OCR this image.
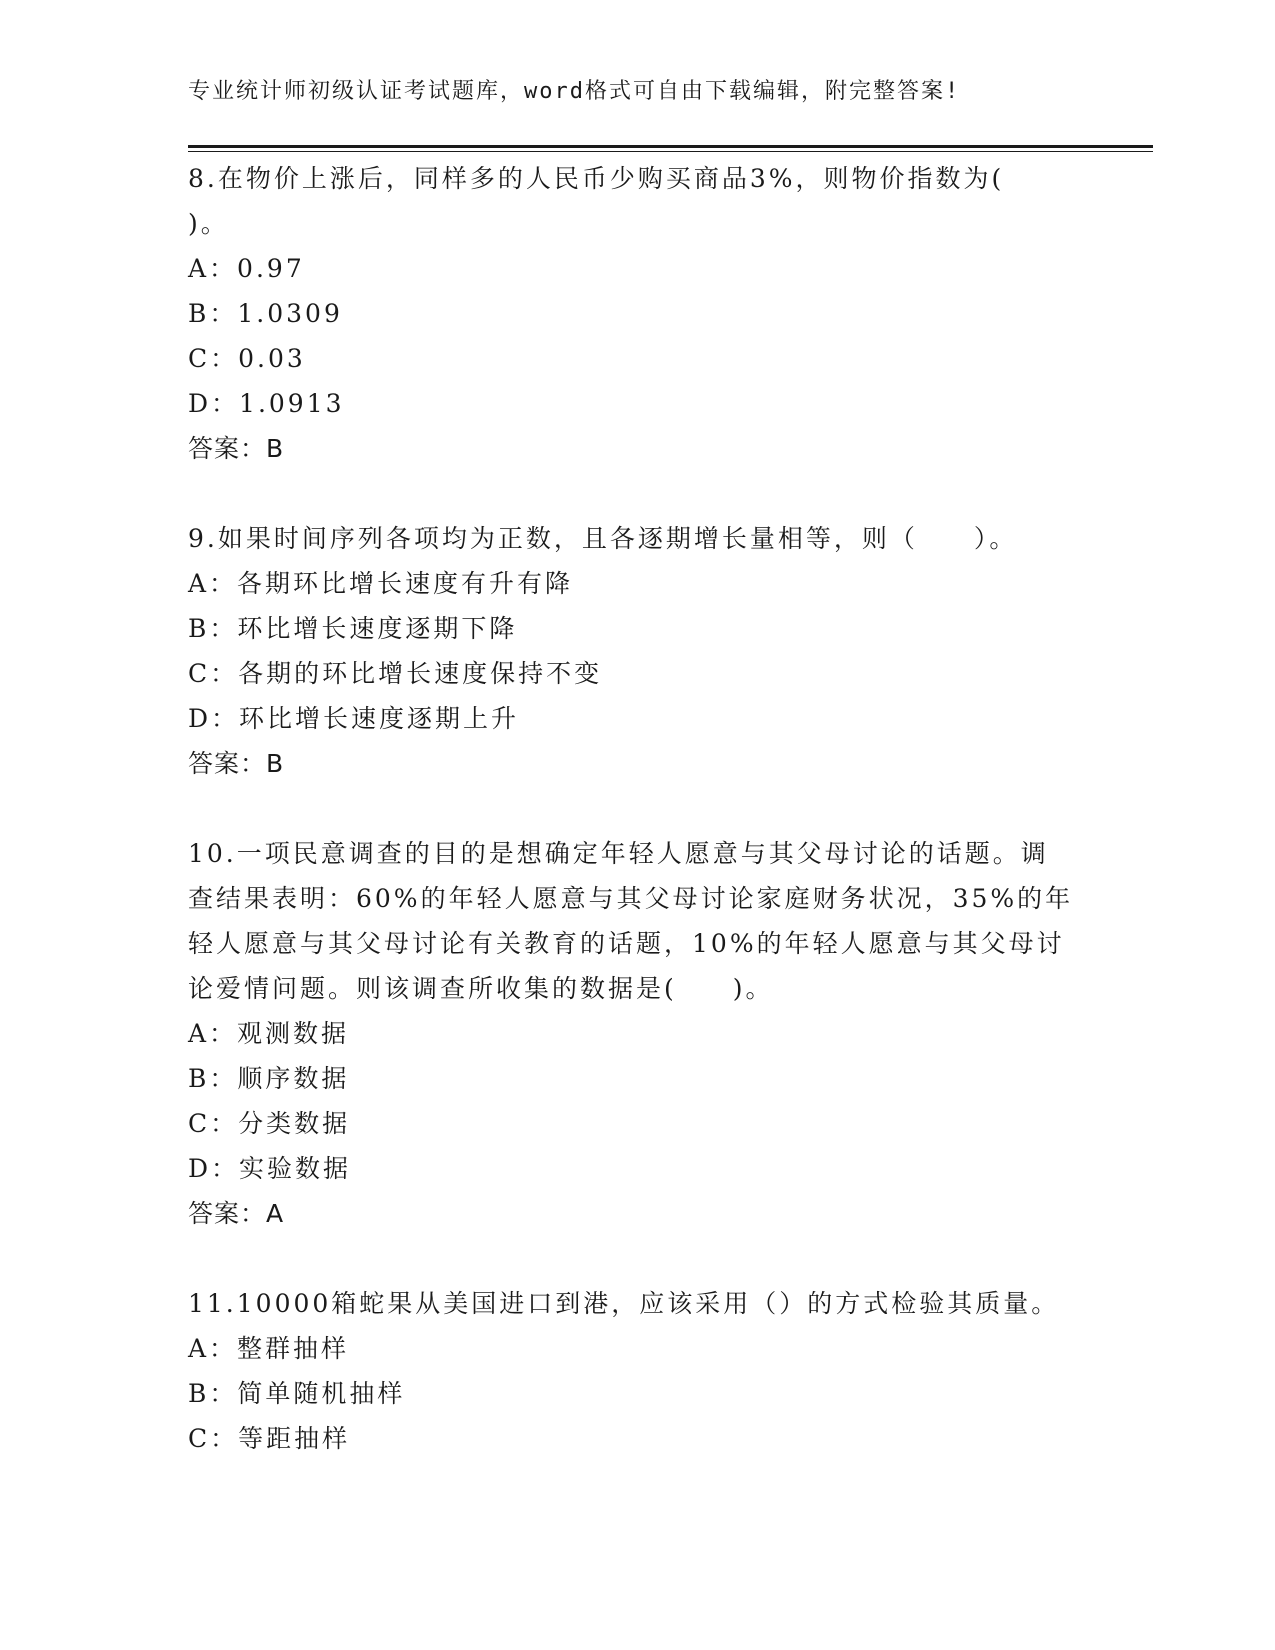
专业统计师初级认证考试题库，word格式可自由下载编辑，附完整答案!

8.在物价上涨后，同样多的人民币少购买商品3%，则物价指数为(

)。

A：0.97

B：1.0309

C：0.03

D：1.0913

答案：B

9.如果时间序列各项均为正数，且各逐期增长量相等，则（　　）。

A：各期环比增长速度有升有降

B：环比增长速度逐期下降

C：各期的环比增长速度保持不变

D：环比增长速度逐期上升

答案：B

10.一项民意调查的目的是想确定年轻人愿意与其父母讨论的话题。调

查结果表明：60%的年轻人愿意与其父母讨论家庭财务状况，35%的年

轻人愿意与其父母讨论有关教育的话题，10%的年轻人愿意与其父母讨

论爱情问题。则该调查所收集的数据是(　　)。

A：观测数据

B：顺序数据

C：分类数据

D：实验数据

答案：A

11.10000箱蛇果从美国进口到港，应该采用（）的方式检验其质量。

A：整群抽样

B：简单随机抽样

C：等距抽样
